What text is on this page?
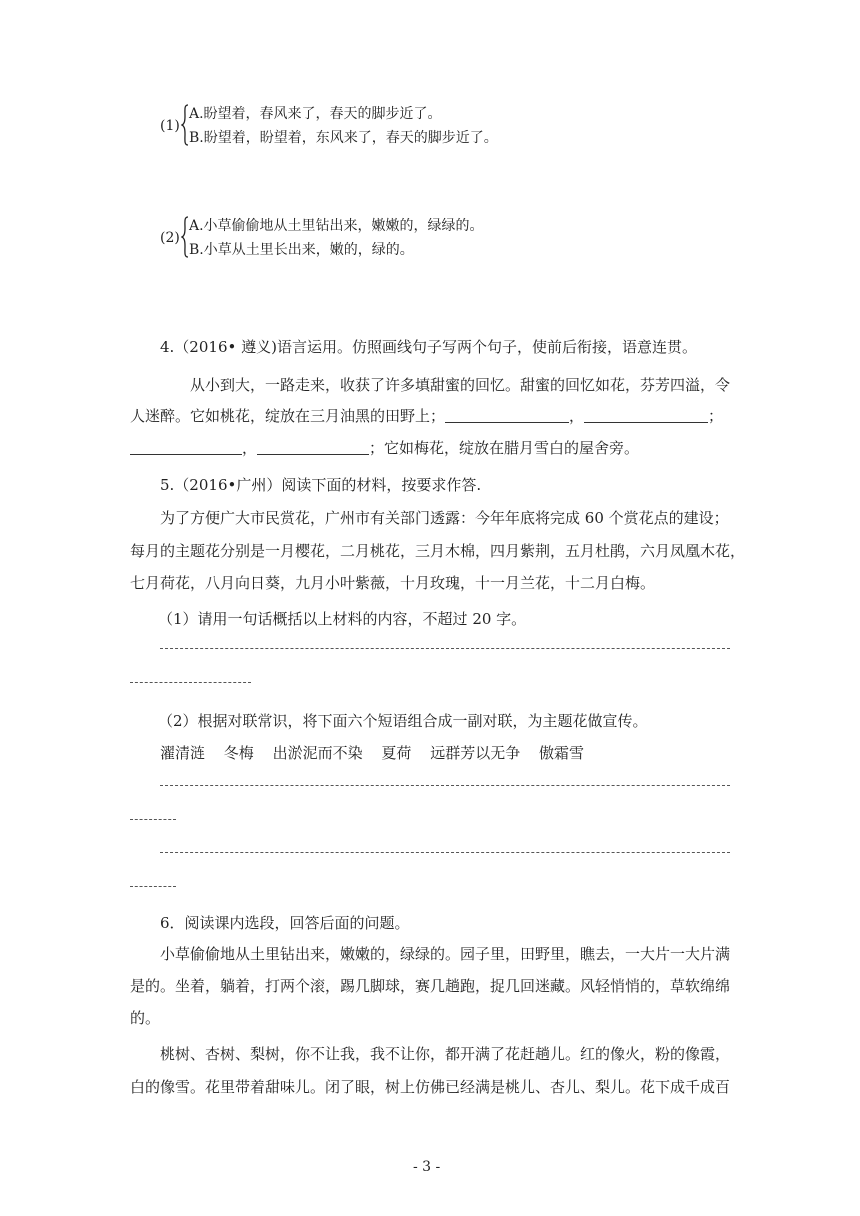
(1)
A.盼望着，春风来了，春天的脚步近了。
B.盼望着，盼望着，东风来了，春天的脚步近了。
(2)
A.小草偷偷地从土里钻出来，嫩嫩的，绿绿的。
B.小草从土里长出来，嫩的，绿的。
4.（2016• 遵义)语言运用。仿照画线句子写两个句子，使前后衔接，语意连贯。
从小到大，一路走来，收获了许多填甜蜜的回忆。甜蜜的回忆如花，芬芳四溢，令
人迷醉。它如桃花，绽放在三月油黑的田野上；	，	；
，	；它如梅花，绽放在腊月雪白的屋舍旁。
5.（2016•广州）阅读下面的材料，按要求作答.
为了方便广大市民赏花，广州市有关部门透露：今年年底将完成 60 个赏花点的建设；
每月的主题花分别是一月樱花，二月桃花，三月木棉，四月紫荆，五月杜鹃，六月凤凰木花，
七月荷花，八月向日葵，九月小叶紫薇，十月玫瑰，十一月兰花，十二月白梅。
（1）请用一句话概括以上材料的内容，不超过 20 字。
（2）根据对联常识，将下面六个短语组合成一副对联，为主题花做宣传。
濯清涟 冬梅 出淤泥而不染 夏荷 远群芳以无争 傲霜雪
6．阅读课内选段，回答后面的问题。
小草偷偷地从土里钻出来，嫩嫩的，绿绿的。园子里，田野里，瞧去，一大片一大片满
是的。坐着，躺着，打两个滚，踢几脚球，赛几趟跑，捉几回迷藏。风轻悄悄的，草软绵绵
的。
桃树、杏树、梨树，你不让我，我不让你，都开满了花赶趟儿。红的像火，粉的像霞，
白的像雪。花里带着甜味儿。闭了眼，树上仿佛已经满是桃儿、杏儿、梨儿。花下成千成百
- 3 -
